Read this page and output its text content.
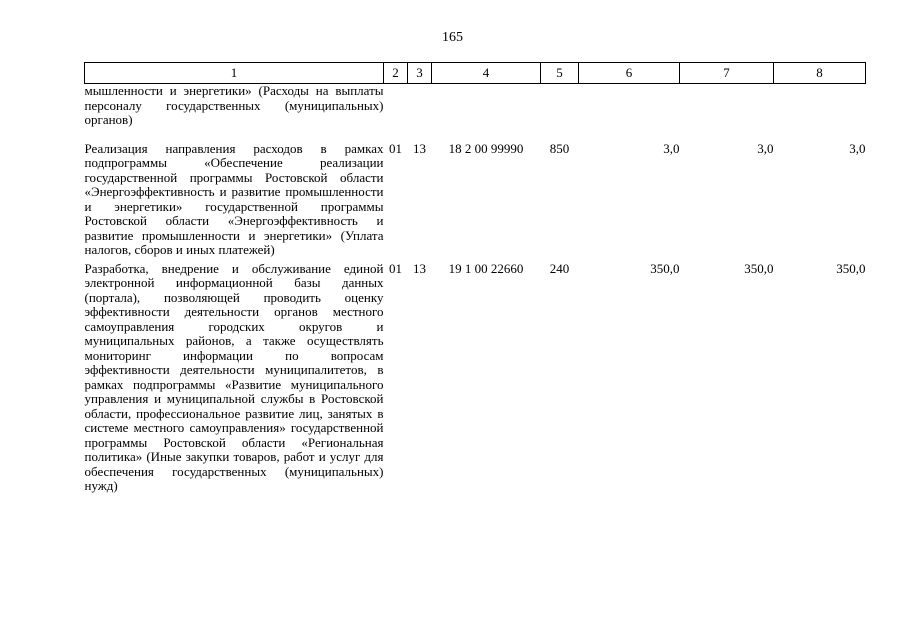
165
1	2	3	4	5	6	7	8
мышленности и энергетики» (Расходы на выплаты персоналу государственных (муниципальных) органов)							
Реализация направления расходов в рамках подпрограммы «Обеспечение реализации государственной программы Ростовской области «Энергоэффективность и развитие промышленности и энергетики» государственной программы Ростовской области «Энергоэффективность и развитие промышленности и энергетики» (Уплата налогов, сборов и иных платежей)	01	13	18 2 00 99990	850	3,0	3,0	3,0
Разработка, внедрение и обслуживание единой электронной информационной базы данных (портала), позволяющей проводить оценку эффективности деятельности органов местного самоуправления городских округов и муниципальных районов, а также осуществлять мониторинг информации по вопросам эффективности деятельности муниципалитетов, в рамках подпрограммы «Развитие муниципального управления и муниципальной службы в Ростовской области, профессиональное развитие лиц, занятых в системе местного самоуправления» государственной программы Ростовской области «Региональная политика» (Иные закупки товаров, работ и услуг для обеспечения государственных (муниципальных) нужд)	01	13	19 1 00 22660	240	350,0	350,0	350,0
